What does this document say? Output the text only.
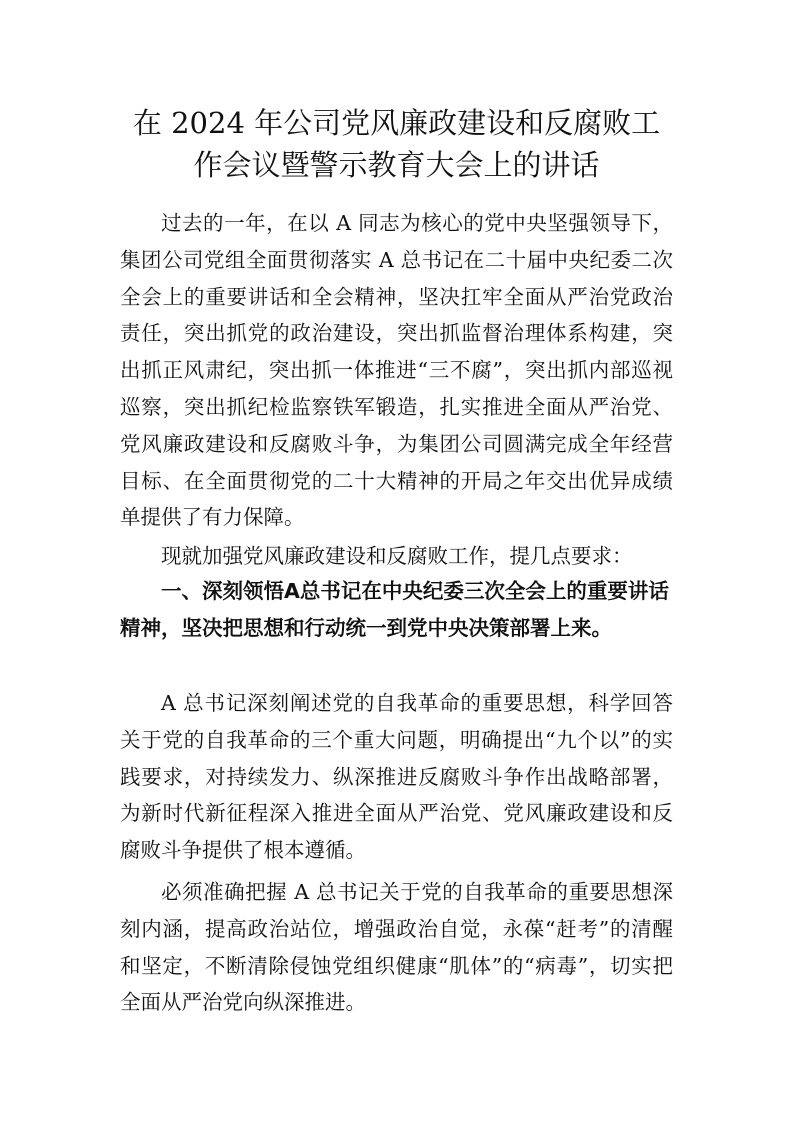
在 2024 年公司党风廉政建设和反腐败工
作会议暨警示教育大会上的讲话

过去的一年，在以 A 同志为核心的党中央坚强领导下，集团公司党组全面贯彻落实 A 总书记在二十届中央纪委二次全会上的重要讲话和全会精神，坚决扛牢全面从严治党政治责任，突出抓党的政治建设，突出抓监督治理体系构建，突出抓正风肃纪，突出抓一体推进“三不腐”，突出抓内部巡视巡察，突出抓纪检监察铁军锻造，扎实推进全面从严治党、党风廉政建设和反腐败斗争，为集团公司圆满完成全年经营目标、在全面贯彻党的二十大精神的开局之年交出优异成绩单提供了有力保障。

现就加强党风廉政建设和反腐败工作，提几点要求：

一、深刻领悟A总书记在中央纪委三次全会上的重要讲话精神，坚决把思想和行动统一到党中央决策部署上来。

A 总书记深刻阐述党的自我革命的重要思想，科学回答关于党的自我革命的三个重大问题，明确提出“九个以”的实践要求，对持续发力、纵深推进反腐败斗争作出战略部署，为新时代新征程深入推进全面从严治党、党风廉政建设和反腐败斗争提供了根本遵循。

必须准确把握 A 总书记关于党的自我革命的重要思想深刻内涵，提高政治站位，增强政治自觉，永葆“赶考”的清醒和坚定，不断清除侵蚀党组织健康“肌体”的“病毒”，切实把全面从严治党向纵深推进。
